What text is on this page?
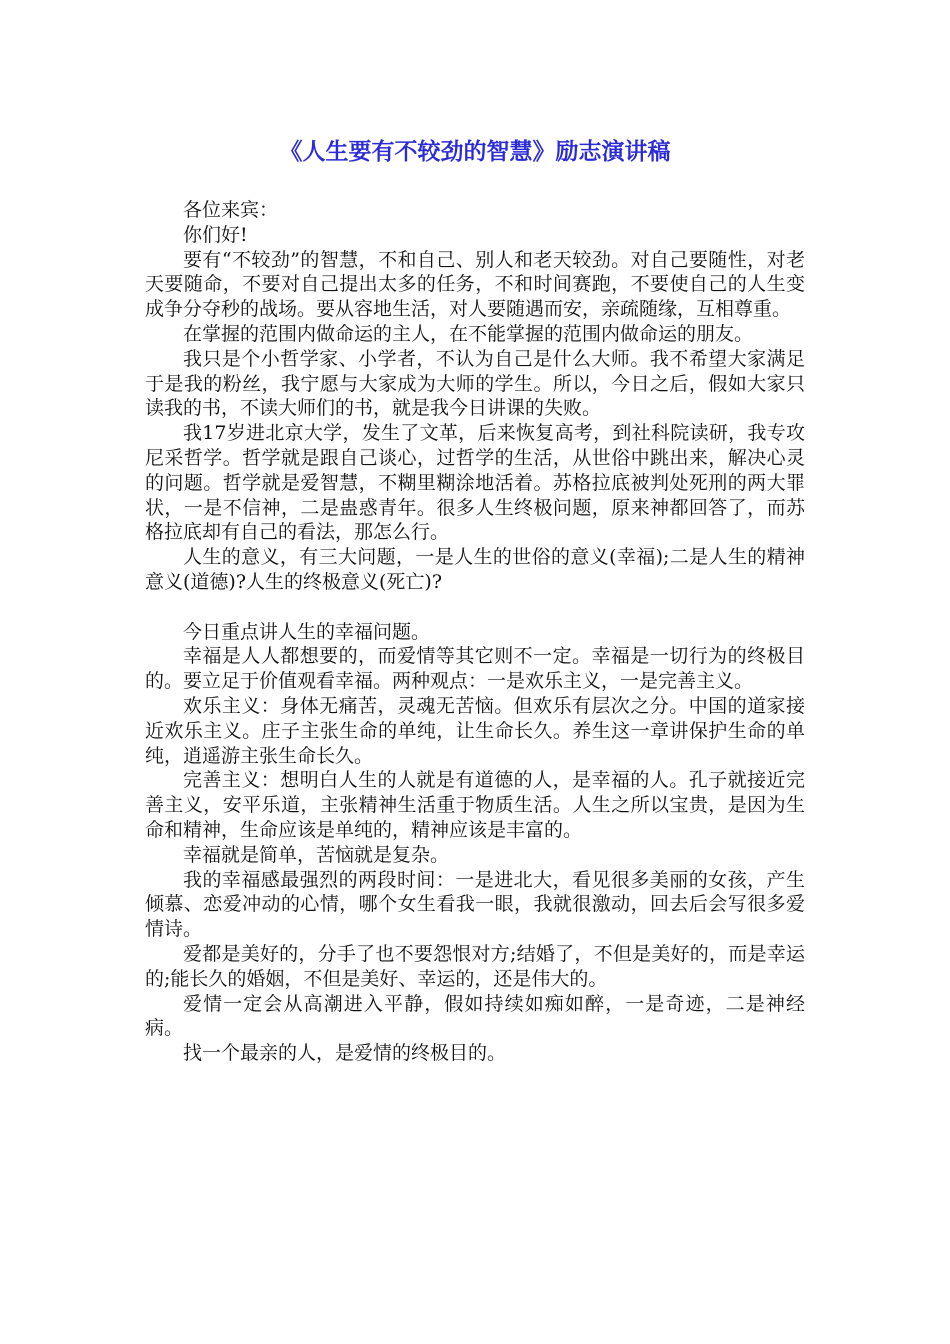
《人生要有不较劲的智慧》励志演讲稿

各位来宾：

你们好!

要有“不较劲”的智慧，不和自己、别人和老天较劲。对自己要随性，对老天要随命，不要对自己提出太多的任务，不和时间赛跑，不要使自己的人生变成争分夺秒的战场。要从容地生活，对人要随遇而安，亲疏随缘，互相尊重。

在掌握的范围内做命运的主人，在不能掌握的范围内做命运的朋友。

我只是个小哲学家、小学者，不认为自己是什么大师。我不希望大家满足于是我的粉丝，我宁愿与大家成为大师的学生。所以，今日之后，假如大家只读我的书，不读大师们的书，就是我今日讲课的失败。

我17岁进北京大学，发生了文革，后来恢复高考，到社科院读研，我专攻尼采哲学。哲学就是跟自己谈心，过哲学的生活，从世俗中跳出来，解决心灵的问题。哲学就是爱智慧，不糊里糊涂地活着。苏格拉底被判处死刑的两大罪状，一是不信神，二是蛊惑青年。很多人生终极问题，原来神都回答了，而苏格拉底却有自己的看法，那怎么行。

人生的意义，有三大问题，一是人生的世俗的意义(幸福);二是人生的精神意义(道德)?人生的终极意义(死亡)?

今日重点讲人生的幸福问题。

幸福是人人都想要的，而爱情等其它则不一定。幸福是一切行为的终极目的。要立足于价值观看幸福。两种观点：一是欢乐主义，一是完善主义。

欢乐主义：身体无痛苦，灵魂无苦恼。但欢乐有层次之分。中国的道家接近欢乐主义。庄子主张生命的单纯，让生命长久。养生这一章讲保护生命的单纯，逍遥游主张生命长久。

完善主义：想明白人生的人就是有道德的人，是幸福的人。孔子就接近完善主义，安平乐道，主张精神生活重于物质生活。人生之所以宝贵，是因为生命和精神，生命应该是单纯的，精神应该是丰富的。

幸福就是简单，苦恼就是复杂。

我的幸福感最强烈的两段时间：一是进北大，看见很多美丽的女孩，产生倾慕、恋爱冲动的心情，哪个女生看我一眼，我就很激动，回去后会写很多爱情诗。

爱都是美好的，分手了也不要怨恨对方;结婚了，不但是美好的，而是幸运的;能长久的婚姻，不但是美好、幸运的，还是伟大的。

爱情一定会从高潮进入平静，假如持续如痴如醉，一是奇迹，二是神经病。

找一个最亲的人，是爱情的终极目的。
